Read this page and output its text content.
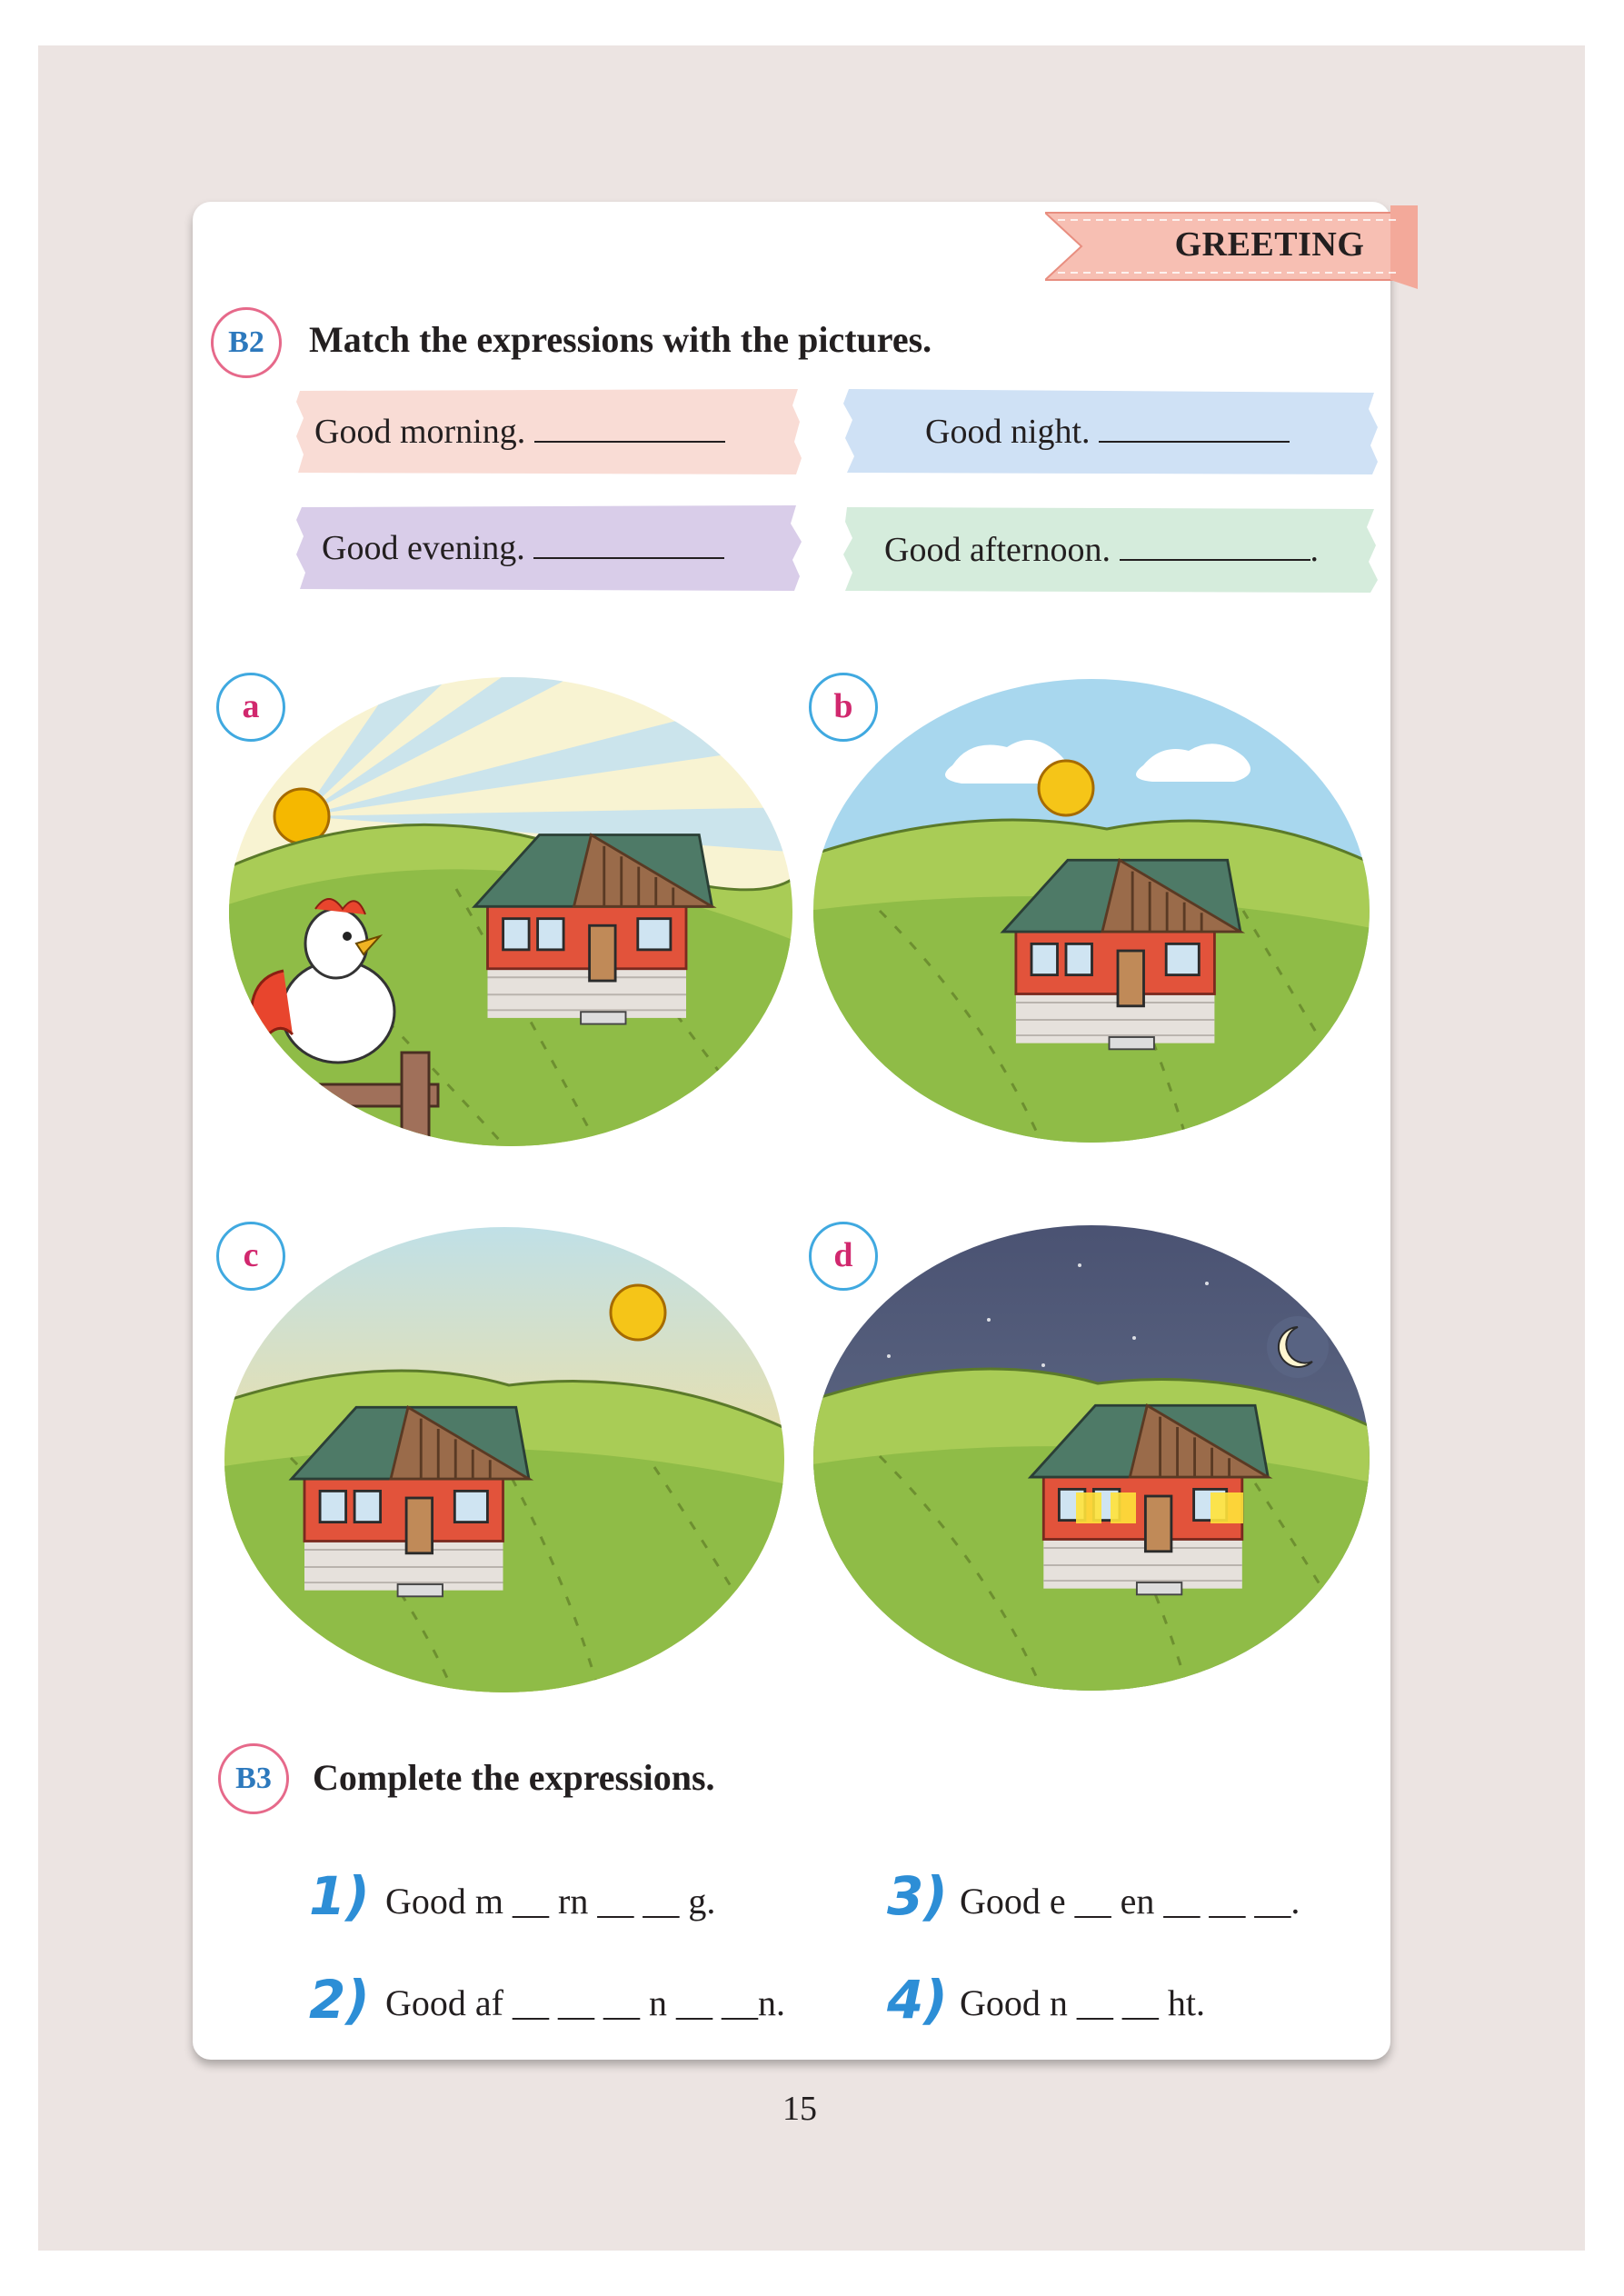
GREETING
B2	Match the expressions with the pictures.
Good morning.	Good night.
Good evening.	Good afternoon.	.
a	b
c	d
B3	Complete the expressions.
1) Good m __ rn __ __ g.	3) Good e __ en __ __ __.
2) Good af __ __ __ n __ __n. 4) Good n __ __ ht.
15
